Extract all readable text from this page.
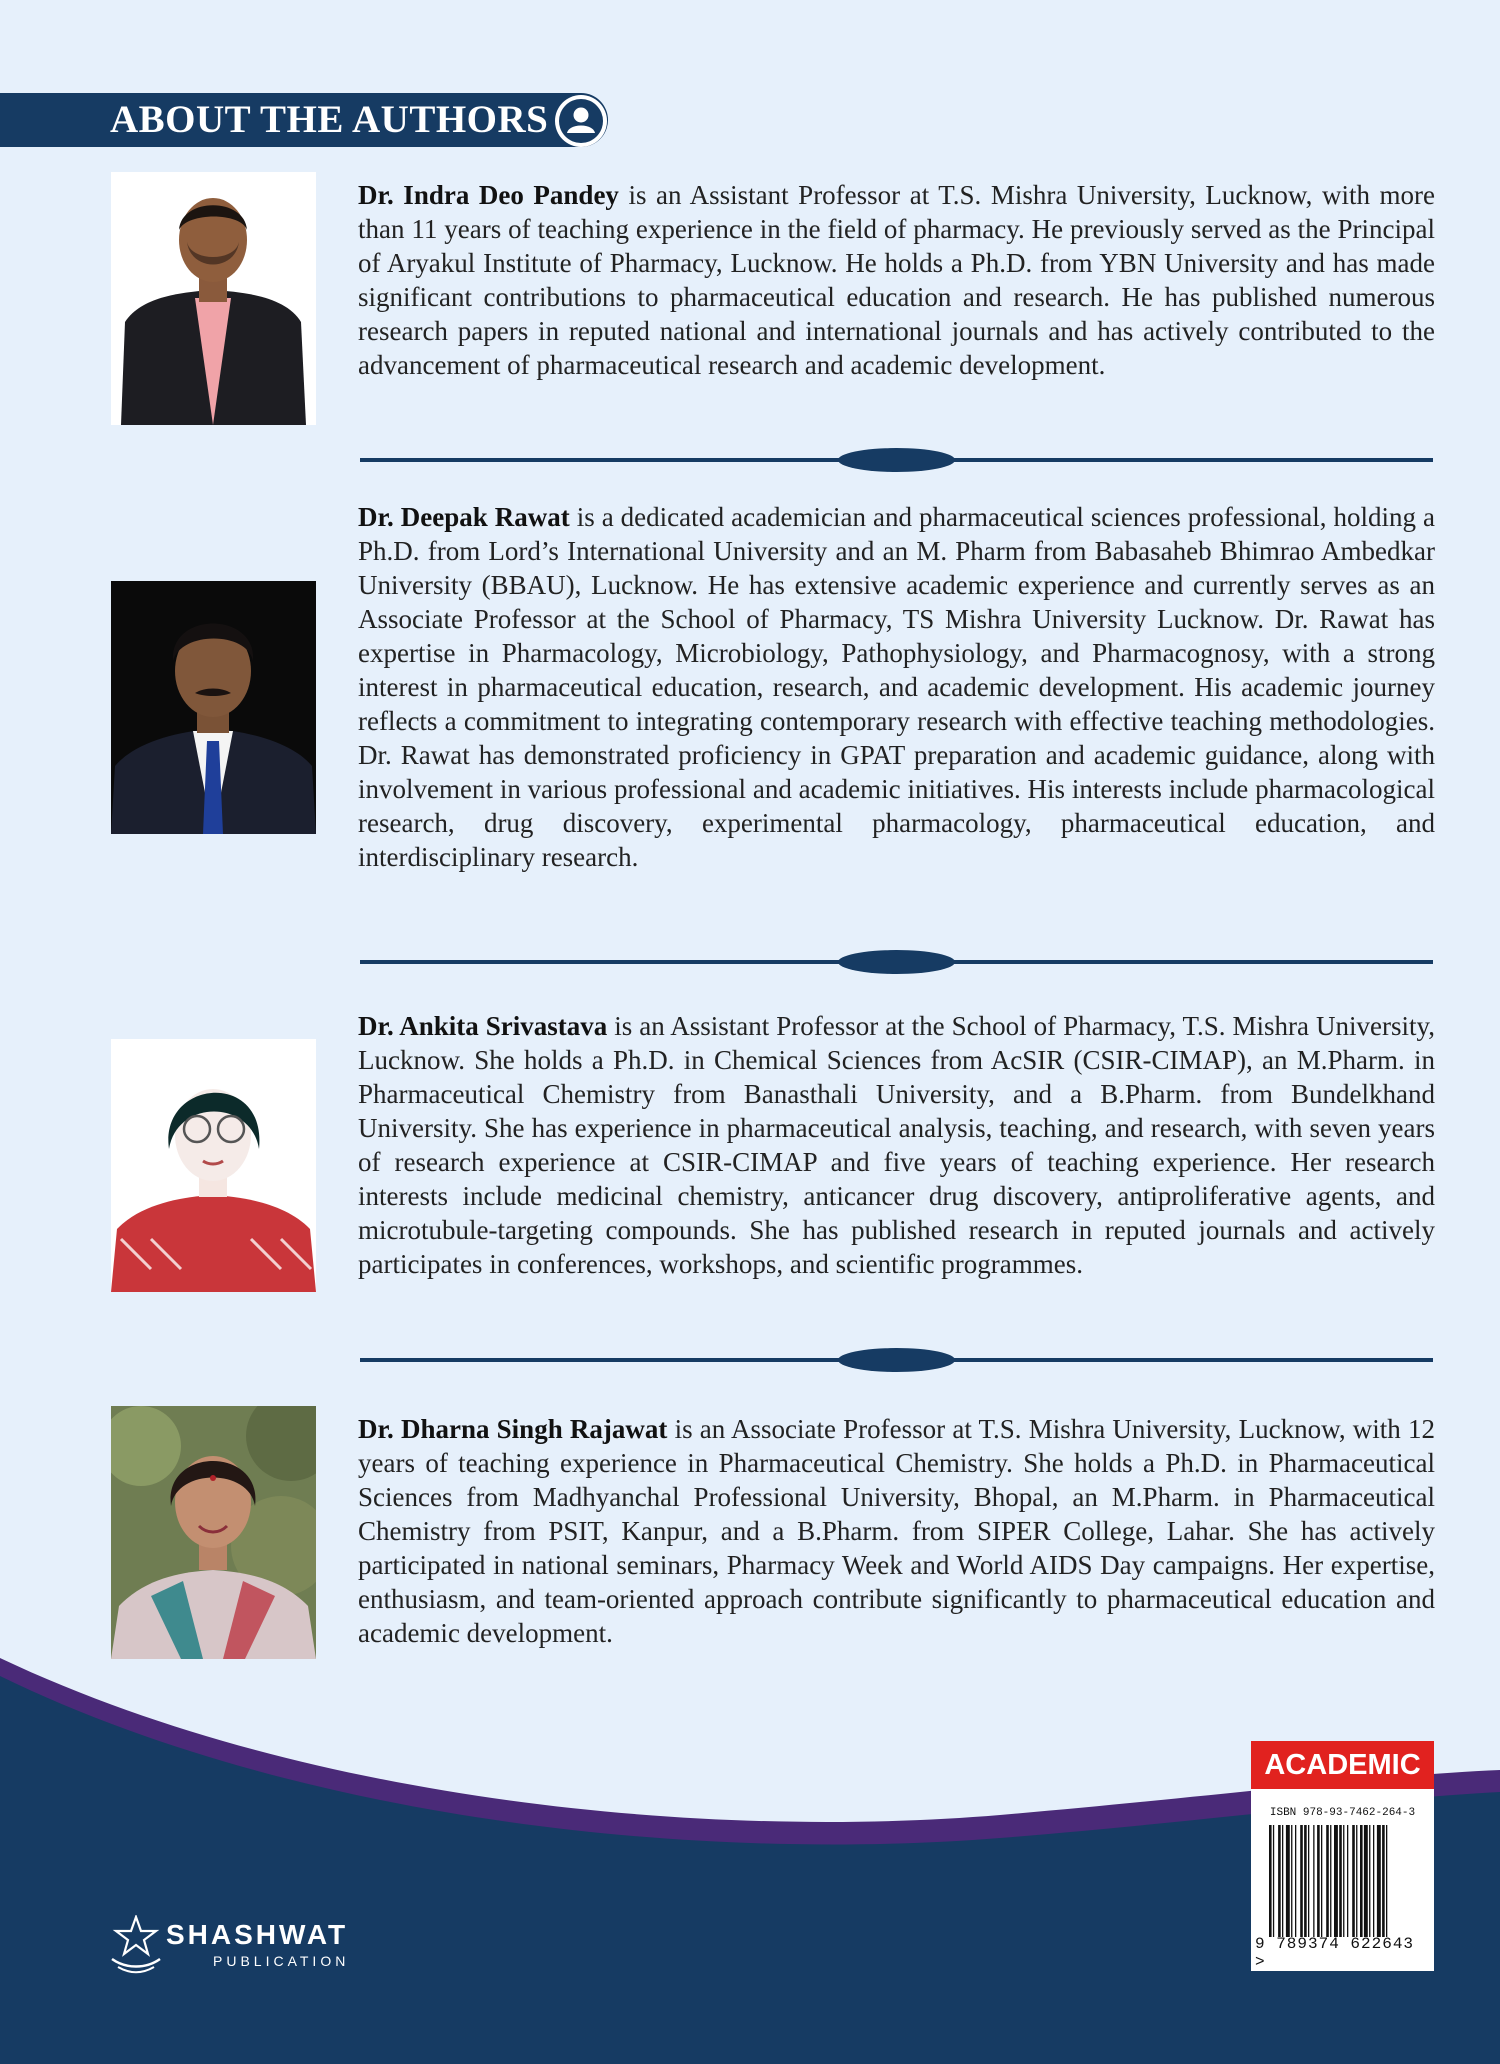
ABOUT THE AUTHORS

Dr. Indra Deo Pandey is an Assistant Professor at T.S. Mishra University, Lucknow, with more than 11 years of teaching experience in the field of pharmacy. He previously served as the Principal of Aryakul Institute of Pharmacy, Lucknow. He holds a Ph.D. from YBN University and has made significant contributions to pharmaceutical education and research. He has published numerous research papers in reputed national and international journals and has actively contributed to the advancement of pharmaceutical research and academic development.

Dr. Deepak Rawat is a dedicated academician and pharmaceutical sciences professional, holding a Ph.D. from Lord’s International University and an M. Pharm from Babasaheb Bhimrao Ambedkar University (BBAU), Lucknow. He has extensive academic experience and currently serves as an Associate Professor at the School of Pharmacy, TS Mishra University Lucknow. Dr. Rawat has expertise in Pharmacology, Microbiology, Pathophysiology, and Pharmacognosy, with a strong interest in pharmaceutical education, research, and academic development. His academic journey reflects a commitment to integrating contemporary research with effective teaching methodologies. Dr. Rawat has demonstrated proficiency in GPAT preparation and academic guidance, along with involvement in various professional and academic initiatives. His interests include pharmacological research, drug discovery, experimental pharmacology, pharmaceutical education, and interdisciplinary research.

Dr. Ankita Srivastava is an Assistant Professor at the School of Pharmacy, T.S. Mishra University, Lucknow. She holds a Ph.D. in Chemical Sciences from AcSIR (CSIR-CIMAP), an M.Pharm. in Pharmaceutical Chemistry from Banasthali University, and a B.Pharm. from Bundelkhand University. She has experience in pharmaceutical analysis, teaching, and research, with seven years of research experience at CSIR-CIMAP and five years of teaching experience. Her research interests include medicinal chemistry, anticancer drug discovery, antiproliferative agents, and microtubule-targeting compounds. She has published research in reputed journals and actively participates in conferences, workshops, and scientific programmes.

Dr. Dharna Singh Rajawat is an Associate Professor at T.S. Mishra University, Lucknow, with 12 years of teaching experience in Pharmaceutical Chemistry. She holds a Ph.D. in Pharmaceutical Sciences from Madhyanchal Professional University, Bhopal, an M.Pharm. in Pharmaceutical Chemistry from PSIT, Kanpur, and a B.Pharm. from SIPER College, Lahar. She has actively participated in national seminars, Pharmacy Week and World AIDS Day campaigns. Her expertise, enthusiasm, and team-oriented approach contribute significantly to pharmaceutical education and academic development.

SHASHWAT
PUBLICATION
ACADEMIC
ISBN 978-93-7462-264-3
9 789374 622643 >
